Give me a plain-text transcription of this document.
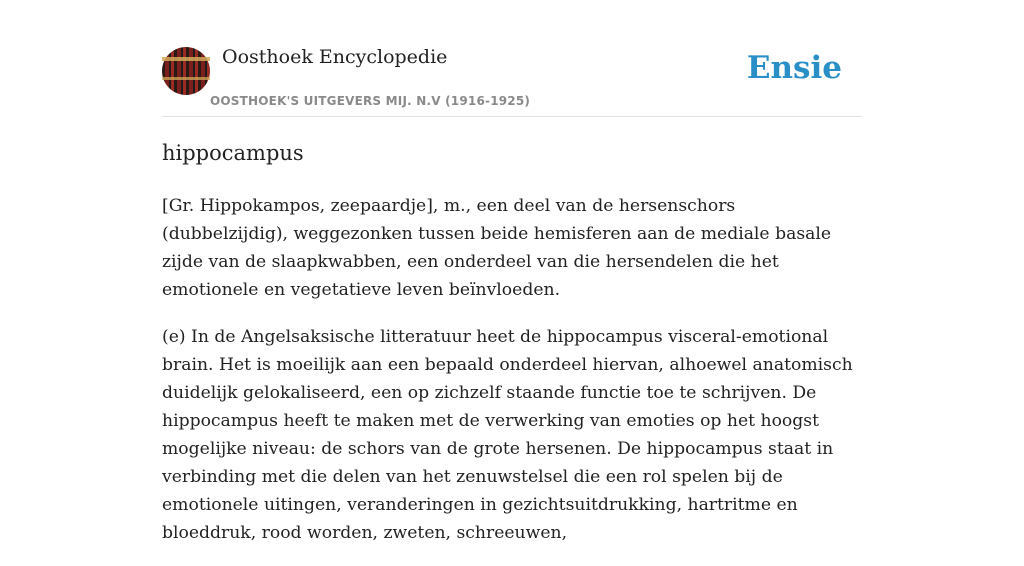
Oosthoek Encyclopedie
OOSTHOEK'S UITGEVERS MIJ. N.V (1916-1925)
Ensie
hippocampus

[Gr. Hippokampos, zeepaardje], m., een deel van de hersenschors (dubbelzijdig), weggezonken tussen beide hemisferen aan de mediale basale zijde van de slaapkwabben, een onderdeel van die hersendelen die het emotionele en vegetatieve leven beïnvloeden.

(e) In de Angelsaksische litteratuur heet de hippocampus visceral-emotional brain. Het is moeilijk aan een bepaald onderdeel hiervan, alhoewel anatomisch duidelijk gelokaliseerd, een op zichzelf staande functie toe te schrijven. De hippocampus heeft te maken met de verwerking van emoties op het hoogst mogelijke niveau: de schors van de grote hersenen. De hippocampus staat in verbinding met die delen van het zenuwstelsel die een rol spelen bij de emotionele uitingen, veranderingen in gezichtsuitdrukking, hartritme en bloeddruk, rood worden, zweten, schreeuwen,
